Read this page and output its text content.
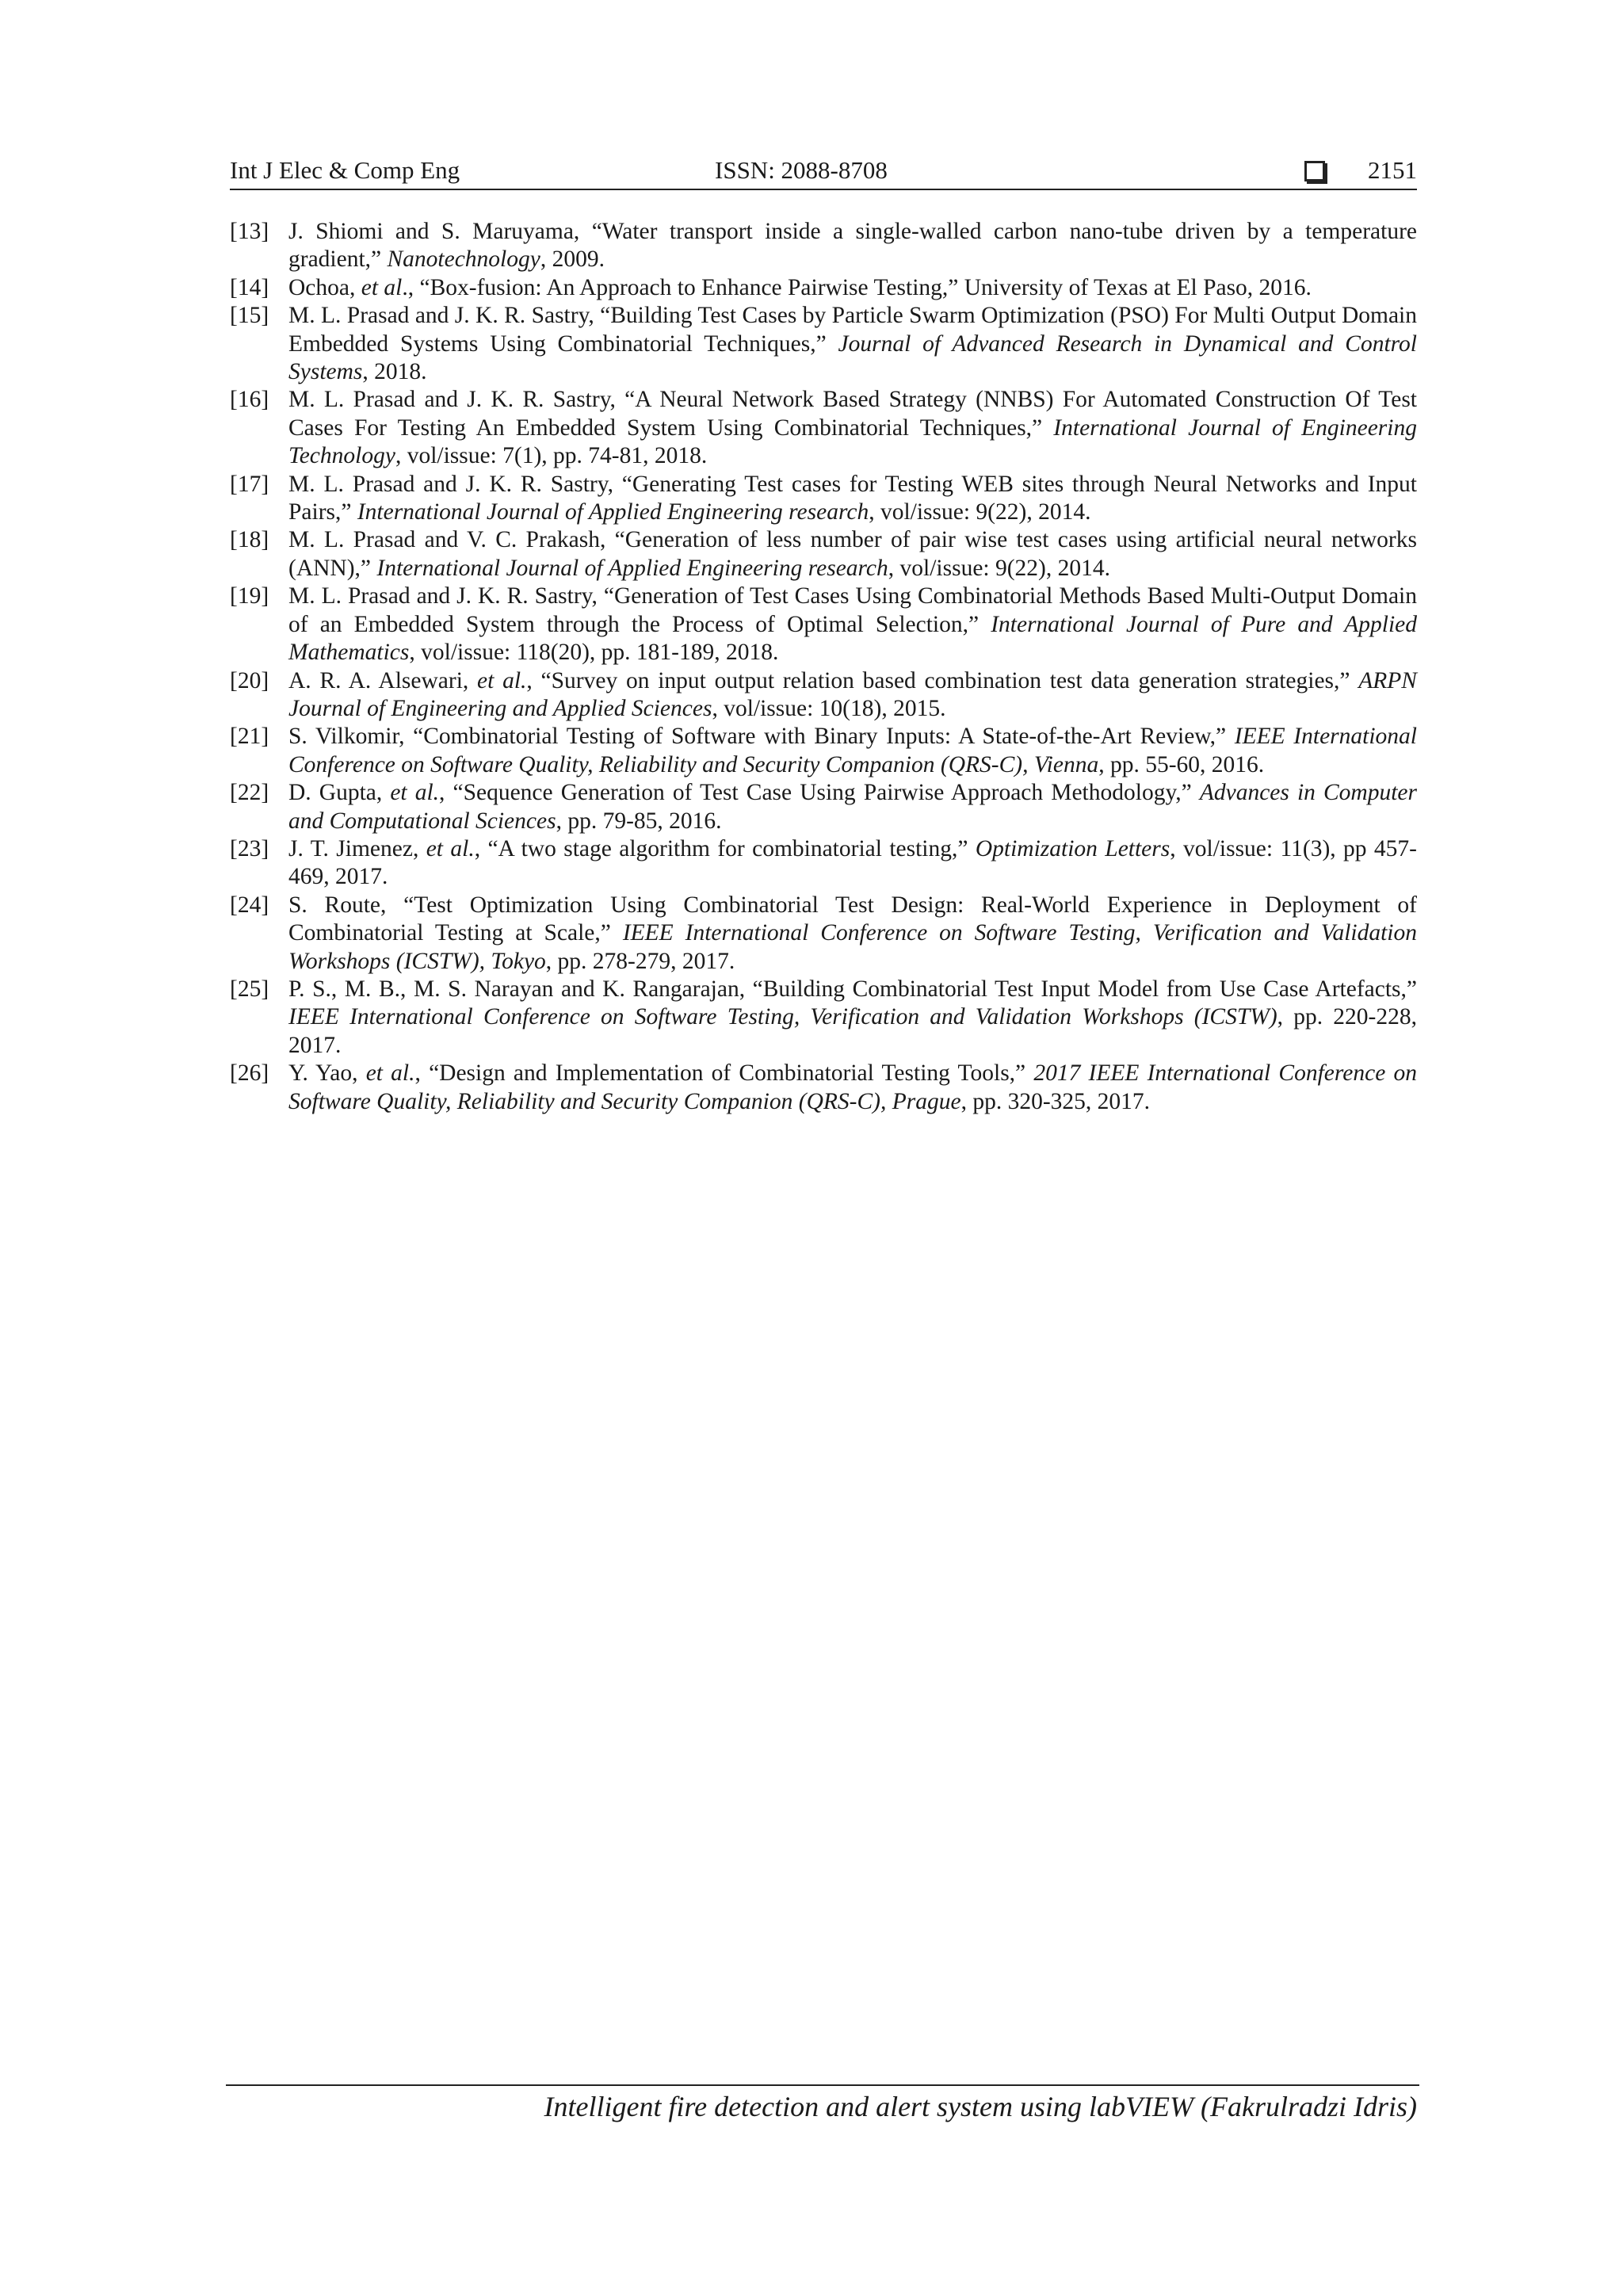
Int J Elec & Comp Eng	ISSN: 2088-8708	2151
[13] J. Shiomi and S. Maruyama, “Water transport inside a single-walled carbon nano-tube driven by a temperature gradient,” Nanotechnology, 2009.
[14] Ochoa, et al., “Box-fusion: An Approach to Enhance Pairwise Testing,” University of Texas at El Paso, 2016.
[15] M. L. Prasad and J. K. R. Sastry, “Building Test Cases by Particle Swarm Optimization (PSO) For Multi Output Domain Embedded Systems Using Combinatorial Techniques,” Journal of Advanced Research in Dynamical and Control Systems, 2018.
[16] M. L. Prasad and J. K. R. Sastry, “A Neural Network Based Strategy (NNBS) For Automated Construction Of Test Cases For Testing An Embedded System Using Combinatorial Techniques,” International Journal of Engineering Technology, vol/issue: 7(1), pp. 74-81, 2018.
[17] M. L. Prasad and J. K. R. Sastry, “Generating Test cases for Testing WEB sites through Neural Networks and Input Pairs,” International Journal of Applied Engineering research, vol/issue: 9(22), 2014.
[18] M. L. Prasad and V. C. Prakash, “Generation of less number of pair wise test cases using artificial neural networks (ANN),” International Journal of Applied Engineering research, vol/issue: 9(22), 2014.
[19] M. L. Prasad and J. K. R. Sastry, “Generation of Test Cases Using Combinatorial Methods Based Multi-Output Domain of an Embedded System through the Process of Optimal Selection,” International Journal of Pure and Applied Mathematics, vol/issue: 118(20), pp. 181-189, 2018.
[20] A. R. A. Alsewari, et al., “Survey on input output relation based combination test data generation strategies,” ARPN Journal of Engineering and Applied Sciences, vol/issue: 10(18), 2015.
[21] S. Vilkomir, “Combinatorial Testing of Software with Binary Inputs: A State-of-the-Art Review,” IEEE International Conference on Software Quality, Reliability and Security Companion (QRS-C), Vienna, pp. 55-60, 2016.
[22] D. Gupta, et al., “Sequence Generation of Test Case Using Pairwise Approach Methodology,” Advances in Computer and Computational Sciences, pp. 79-85, 2016.
[23] J. T. Jimenez, et al., “A two stage algorithm for combinatorial testing,” Optimization Letters, vol/issue: 11(3), pp 457-469, 2017.
[24] S. Route, “Test Optimization Using Combinatorial Test Design: Real-World Experience in Deployment of Combinatorial Testing at Scale,” IEEE International Conference on Software Testing, Verification and Validation Workshops (ICSTW), Tokyo, pp. 278-279, 2017.
[25] P. S., M. B., M. S. Narayan and K. Rangarajan, “Building Combinatorial Test Input Model from Use Case Artefacts,” IEEE International Conference on Software Testing, Verification and Validation Workshops (ICSTW), pp. 220-228, 2017.
[26] Y. Yao, et al., “Design and Implementation of Combinatorial Testing Tools,” 2017 IEEE International Conference on Software Quality, Reliability and Security Companion (QRS-C), Prague, pp. 320-325, 2017.
Intelligent fire detection and alert system using labVIEW (Fakrulradzi Idris)
